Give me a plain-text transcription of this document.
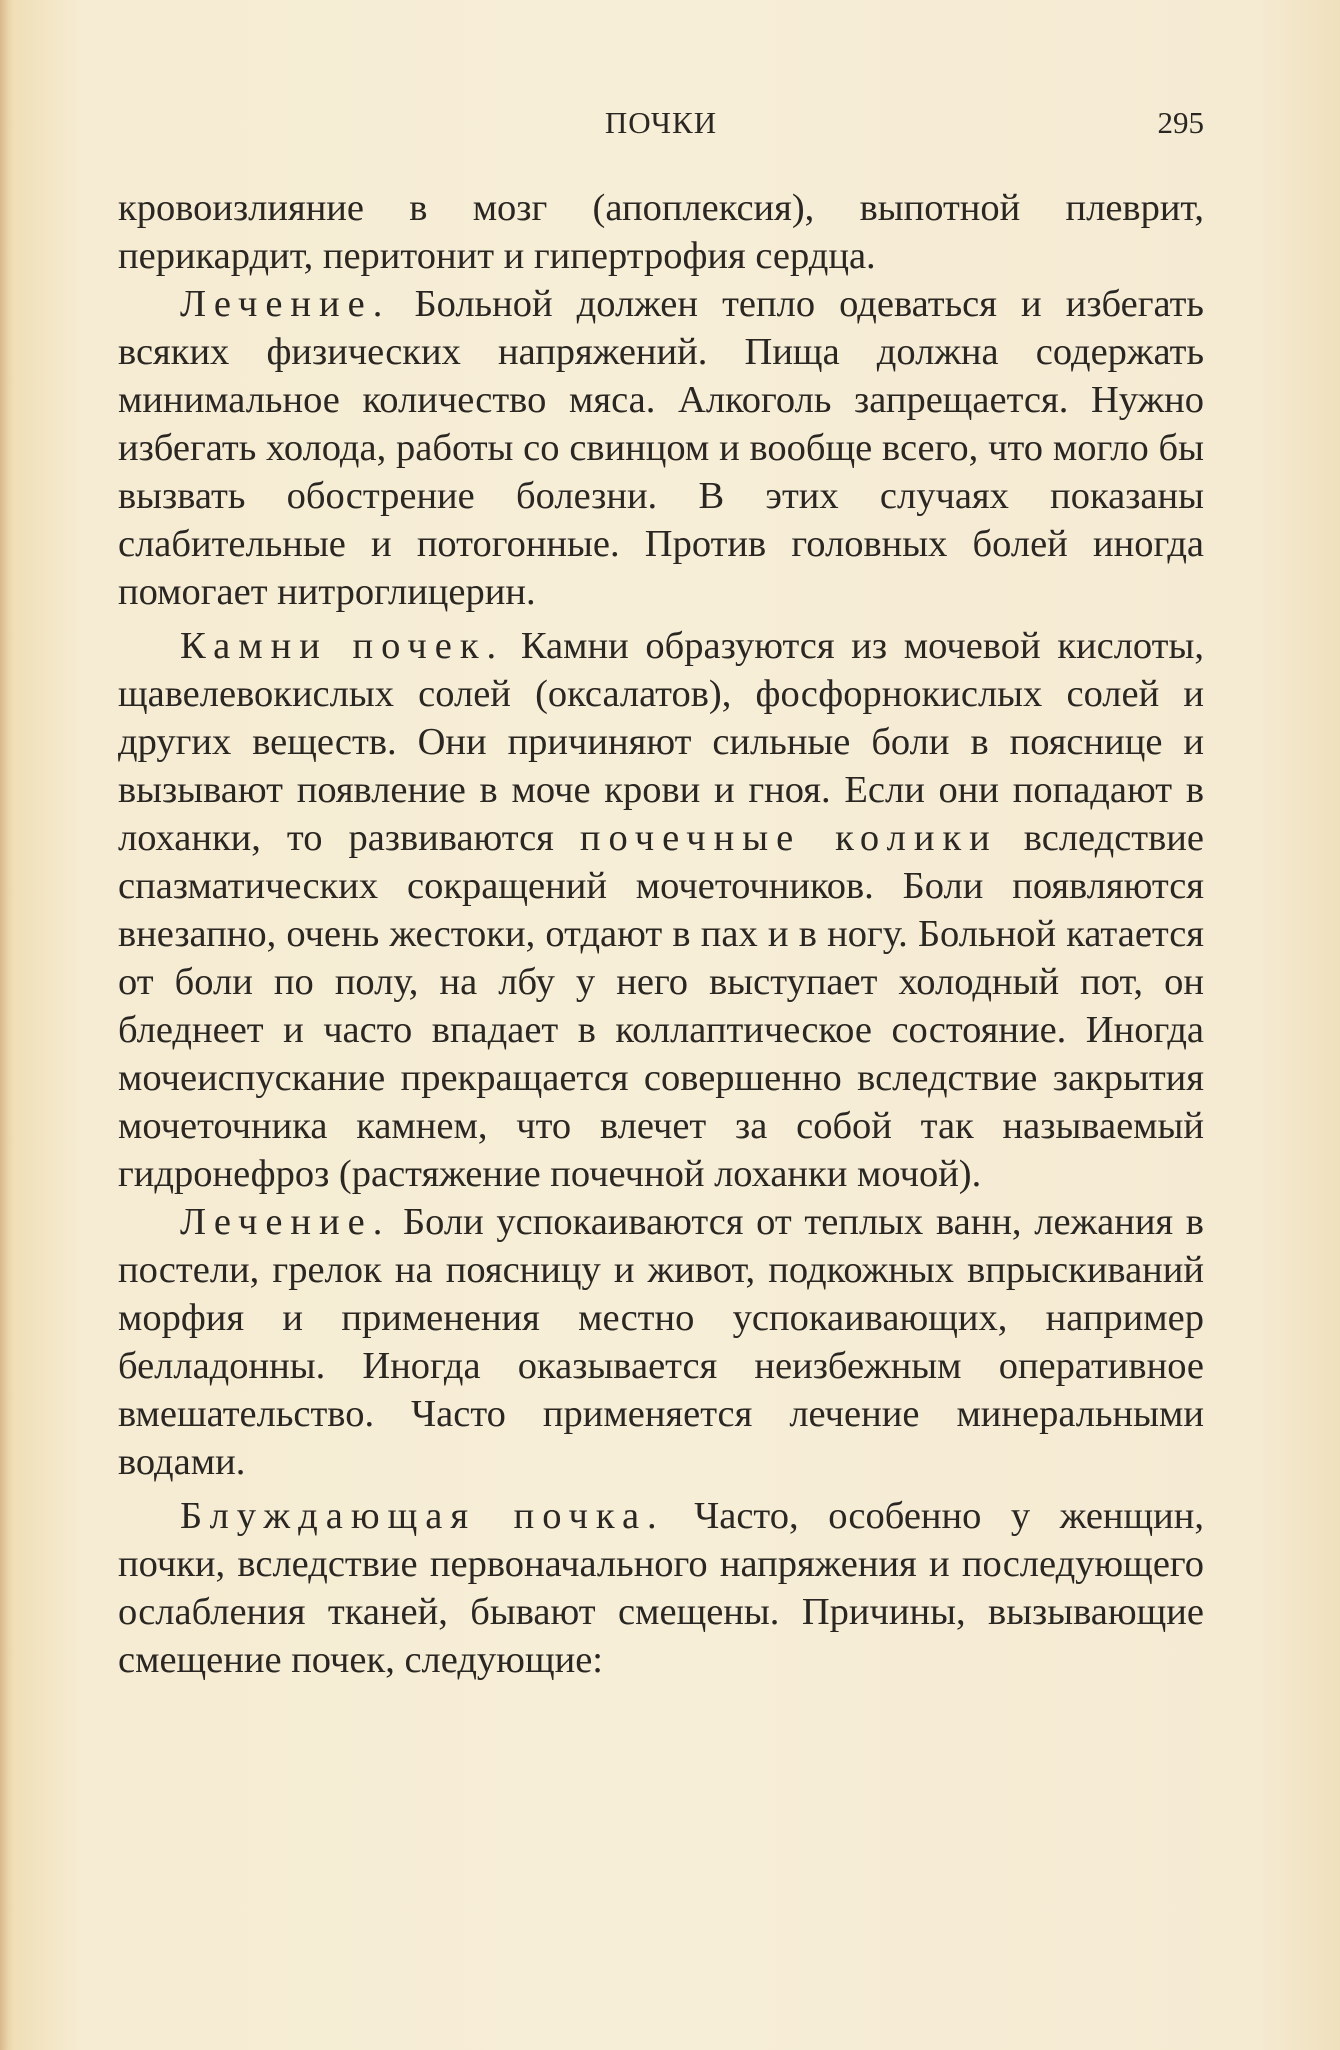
ПОЧКИ	295

кровоизлияние в мозг (апоплексия), выпотной плеврит, перикардит, перитонит и гипертрофия сердца.

Лечение. Больной должен тепло одеваться и избегать всяких физических напряжений. Пища должна содержать минимальное количество мяса. Алкоголь запрещается. Нужно избегать холода, работы со свинцом и вообще всего, что могло бы вызвать обострение болезни. В этих случаях показаны слабительные и потогонные. Против головных болей иногда помогает нитроглицерин.

Камни почек. Камни образуются из мочевой кислоты, щавелевокислых солей (оксалатов), фосфорнокислых солей и других веществ. Они причиняют сильные боли в пояснице и вызывают появление в моче крови и гноя. Если они попадают в лоханки, то развиваются почечные колики вследствие спазматических сокращений мочеточников. Боли появляются внезапно, очень жестоки, отдают в пах и в ногу. Больной катается от боли по полу, на лбу у него выступает холодный пот, он бледнеет и часто впадает в коллаптическое состояние. Иногда мочеиспускание прекращается совершенно вследствие закрытия мочеточника камнем, что влечет за собой так называемый гидронефроз (растяжение почечной лоханки мочой).

Лечение. Боли успокаиваются от теплых ванн, лежания в постели, грелок на поясницу и живот, подкожных впрыскиваний морфия и применения местно успокаивающих, например белладонны. Иногда оказывается неизбежным оперативное вмешательство. Часто применяется лечение минеральными водами.

Блуждающая почка. Часто, особенно у женщин, почки, вследствие первоначального напряжения и последующего ослабления тканей, бывают смещены. Причины, вызывающие смещение почек, следующие:
